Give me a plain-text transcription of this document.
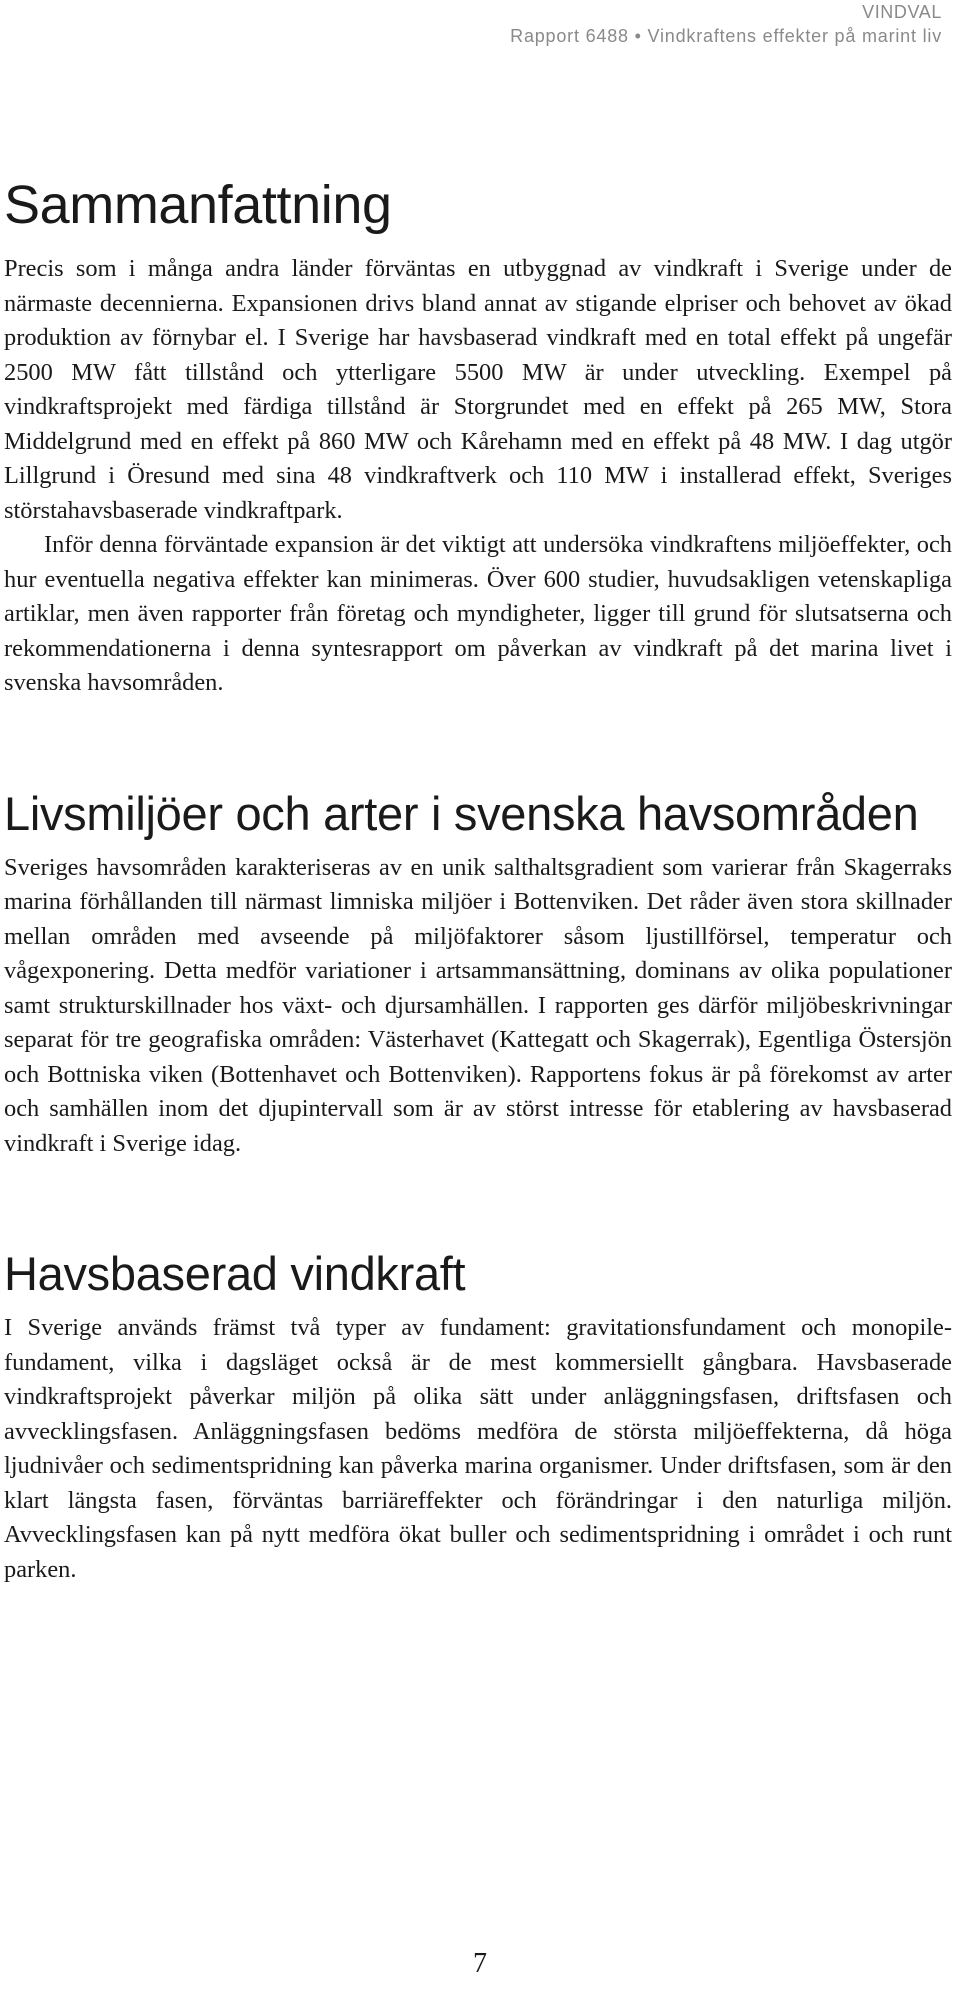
VINDVAL
Rapport 6488 • Vindkraftens effekter på marint liv
Sammanfattning

Precis som i många andra länder förväntas en utbyggnad av vindkraft i Sverige under de närmaste decennierna. Expansionen drivs bland annat av stigande elpriser och behovet av ökad produktion av förnybar el. I Sverige har havsbaserad vindkraft med en total effekt på ungefär 2500 MW fått tillstånd och ytterligare 5500 MW är under utveckling. Exempel på vindkraftsprojekt med färdiga tillstånd är Storgrundet med en effekt på 265 MW, Stora Middelgrund med en effekt på 860 MW och Kårehamn med en effekt på 48 MW. I dag utgör Lillgrund i Öresund med sina 48 vindkraftverk och 110 MW i installerad effekt, Sveriges störstahavsbaserade vindkraftpark.

Inför denna förväntade expansion är det viktigt att undersöka vindkraftens miljöeffekter, och hur eventuella negativa effekter kan minimeras. Över 600 studier, huvudsakligen vetenskapliga artiklar, men även rapporter från företag och myndigheter, ligger till grund för slutsatserna och rekommendationerna i denna syntesrapport om påverkan av vindkraft på det marina livet i svenska havsområden.

Livsmiljöer och arter i svenska havsområden

Sveriges havsområden karakteriseras av en unik salthaltsgradient som varierar från Skagerraks marina förhållanden till närmast limniska miljöer i Bottenviken. Det råder även stora skillnader mellan områden med avseende på miljöfaktorer såsom ljustillförsel, temperatur och vågexponering. Detta medför variationer i artsammansättning, dominans av olika populationer samt strukturskillnader hos växt- och djursamhällen. I rapporten ges därför miljöbeskrivningar separat för tre geografiska områden: Västerhavet (Kattegatt och Skagerrak), Egentliga Östersjön och Bottniska viken (Bottenhavet och Bottenviken). Rapportens fokus är på förekomst av arter och samhällen inom det djupintervall som är av störst intresse för etablering av havsbaserad vindkraft i Sverige idag.

Havsbaserad vindkraft

I Sverige används främst två typer av fundament: gravitationsfundament och monopile-fundament, vilka i dagsläget också är de mest kommersiellt gångbara. Havsbaserade vindkraftsprojekt påverkar miljön på olika sätt under anläggningsfasen, driftsfasen och avvecklingsfasen. Anläggningsfasen bedöms medföra de största miljöeffekterna, då höga ljudnivåer och sedimentspridning kan påverka marina organismer. Under driftsfasen, som är den klart längsta fasen, förväntas barriäreffekter och förändringar i den naturliga miljön. Avvecklingsfasen kan på nytt medföra ökat buller och sedimentspridning i området i och runt parken.

7
